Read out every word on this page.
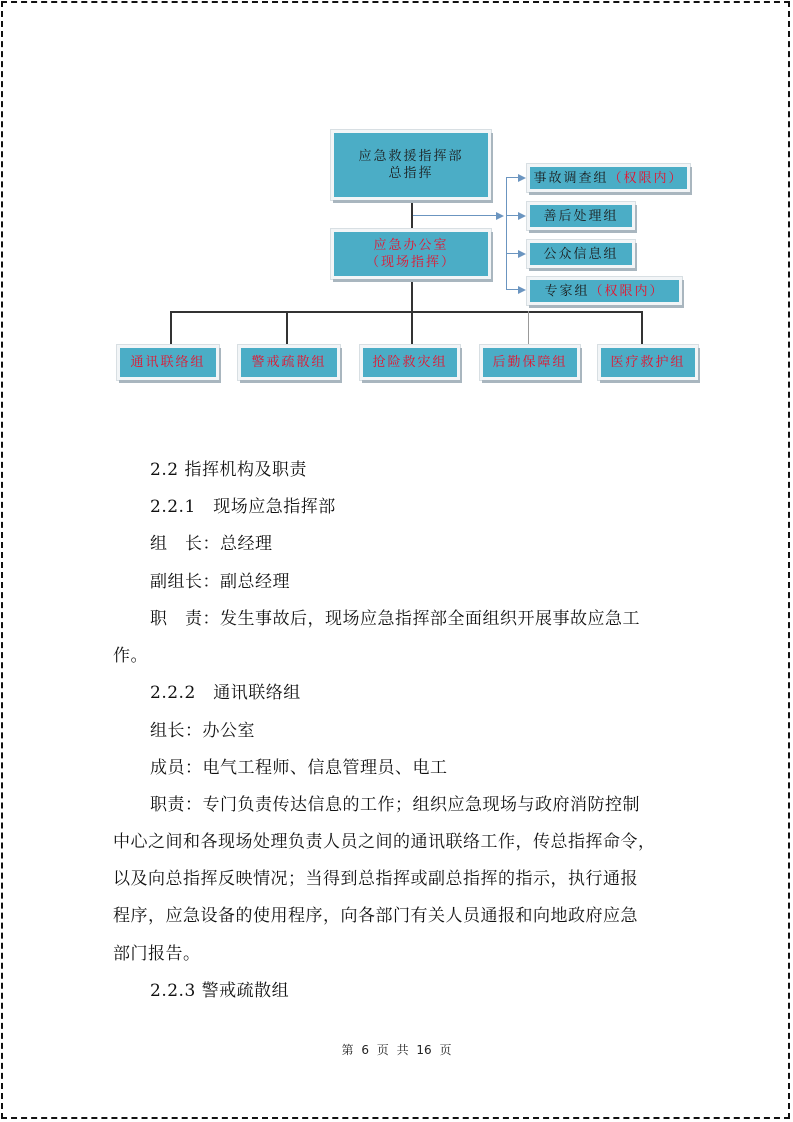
应急救援指挥部
总指挥
应急办公室
（现场指挥）
事故调查组 （权限内）
善后处理组
公众信息组
专家组 （权限内）
通讯联络组	警戒疏散组	抢险救灾组	后勤保障组	医疗救护组
2.2 指挥机构及职责
2.2.1　现场应急指挥部
组　长：总经理
副组长：副总经理
职　责：发生事故后，现场应急指挥部全面组织开展事故应急工
作。
2.2.2　通讯联络组
组长：办公室
成员：电气工程师、信息管理员、电工
职责：专门负责传达信息的工作；组织应急现场与政府消防控制
中心之间和各现场处理负责人员之间的通讯联络工作，传总指挥命令，
以及向总指挥反映情况；当得到总指挥或副总指挥的指示，执行通报
程序，应急设备的使用程序，向各部门有关人员通报和向地政府应急
部门报告。
2.2.3 警戒疏散组
第 6 页 共 16 页
